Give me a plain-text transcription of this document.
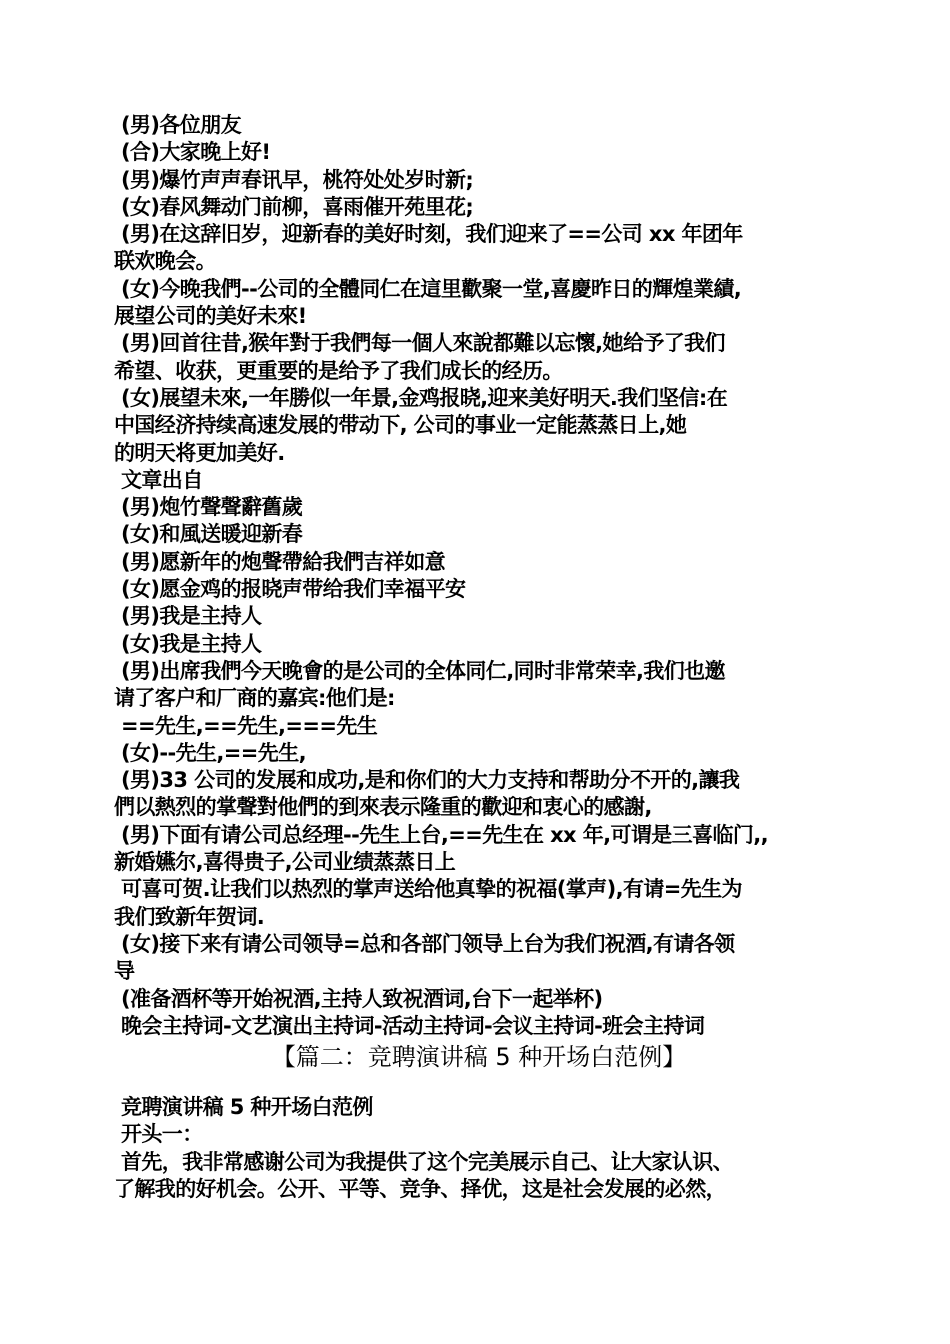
(男)各位朋友
(合)大家晚上好!
(男)爆竹声声春讯早，桃符处处岁时新;
(女)春风舞动门前柳，喜雨催开苑里花;
(男)在这辞旧岁，迎新春的美好时刻，我们迎来了==公司 xx 年团年
联欢晚会。
(女)今晚我們--公司的全體同仁在這里歡聚一堂,喜慶昨日的輝煌業績,
展望公司的美好未來!
(男)回首往昔,猴年對于我們每一個人來說都難以忘懷,她给予了我们
希望、收获，更重要的是给予了我们成长的经历。
(女)展望未來,一年勝似一年景,金鸡报晓,迎来美好明天.我们坚信:在
中国经济持续高速发展的带动下, 公司的事业一定能蒸蒸日上,她
的明天将更加美好.
文章出自
(男)炮竹聲聲辭舊歲
(女)和風送暖迎新春
(男)愿新年的炮聲帶給我們吉祥如意
(女)愿金鸡的报晓声带给我们幸福平安
(男)我是主持人
(女)我是主持人
(男)出席我們今天晚會的是公司的全体同仁,同时非常荣幸,我们也邀
请了客户和厂商的嘉宾:他们是:
==先生,==先生,===先生
(女)--先生,==先生,
(男)33 公司的发展和成功,是和你们的大力支持和帮助分不开的,讓我
們以熱烈的掌聲對他們的到來表示隆重的歡迎和衷心的感謝,
(男)下面有请公司总经理--先生上台,==先生在 xx 年,可谓是三喜临门,,
新婚嬿尔,喜得贵子,公司业绩蒸蒸日上
可喜可贺.让我们以热烈的掌声送给他真挚的祝福(掌声),有请=先生为
我们致新年贺词.
(女)接下来有请公司领导=总和各部门领导上台为我们祝酒,有请各领
导
(准备酒杯等开始祝酒,主持人致祝酒词,台下一起举杯)
晚会主持词-文艺演出主持词-活动主持词-会议主持词-班会主持词
【篇二：竞聘演讲稿 5 种开场白范例】
竞聘演讲稿 5 种开场白范例
开头一：
首先，我非常感谢公司为我提供了这个完美展示自己、让大家认识、
了解我的好机会。公开、平等、竞争、择优，这是社会发展的必然，
